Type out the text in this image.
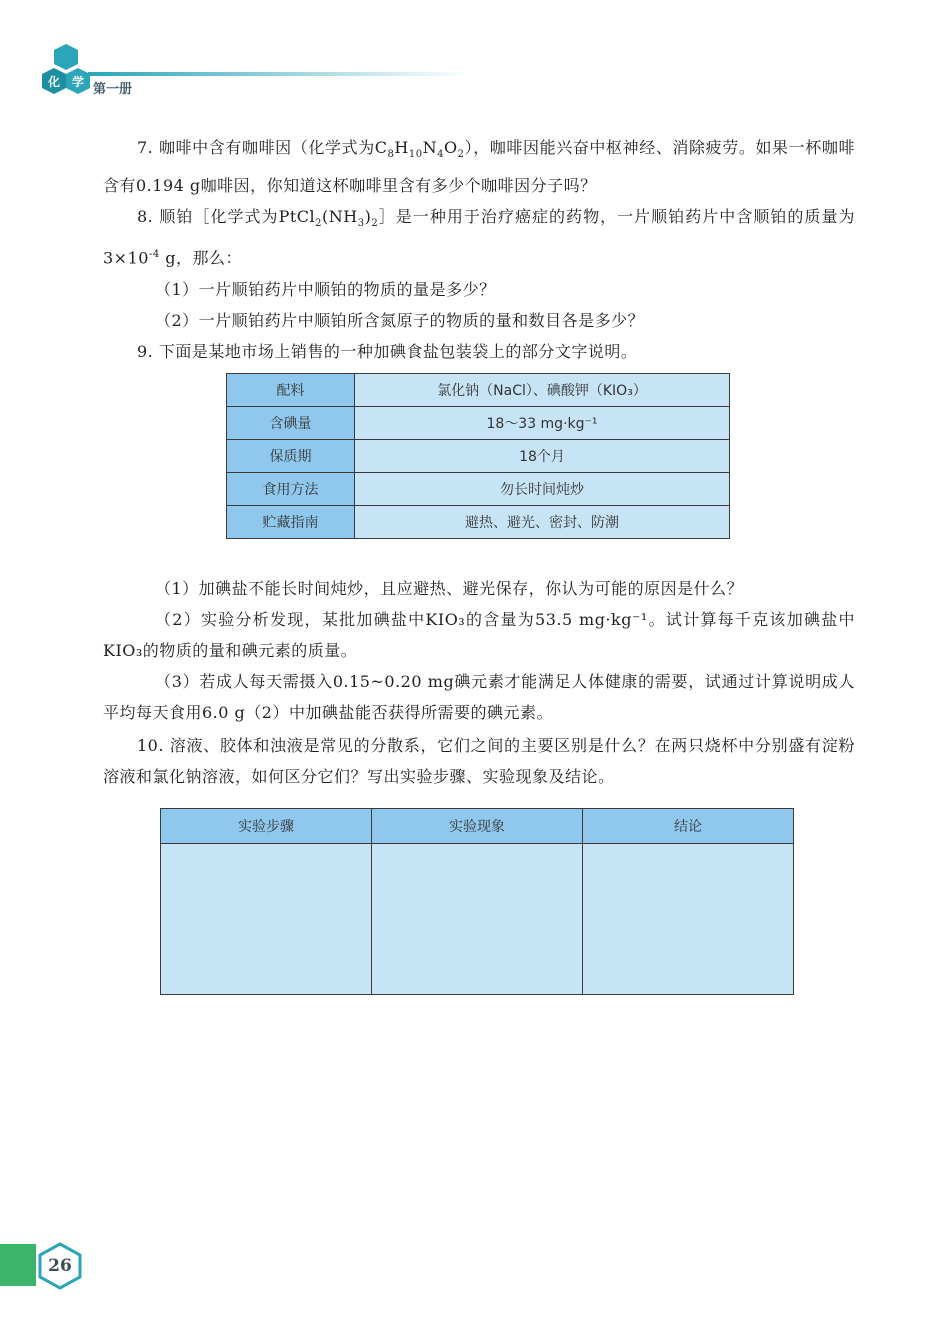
化 学 第一册

7. 咖啡中含有咖啡因（化学式为$C_8H_{10}N_4O_2$），咖啡因能兴奋中枢神经、消除疲劳。如果一杯咖啡含有0.194 g咖啡因，你知道这杯咖啡里含有多少个咖啡因分子吗？

8. 顺铂［化学式为$PtCl_2(NH_3)_2]$是一种用于治疗癌症的药物，一片顺铂药片中含顺铂的质量为$3\times 10^{-4}$ g，那么：

（1）一片顺铂药片中顺铂的物质的量是多少？

（2）一片顺铂药片中顺铂所含氮原子的物质的量和数目各是多少？

9. 下面是某地市场上销售的一种加碘食盐包装袋上的部分文字说明。

配料	氯化钠（NaCl）、碘酸钾（KIO₃）
含碘量	18～33 mg·kg⁻¹
保质期	18个月
食用方法	勿长时间炖炒
贮藏指南	避热、避光、密封、防潮

（1）加碘盐不能长时间炖炒，且应避热、避光保存，你认为可能的原因是什么？

（2）实验分析发现，某批加碘盐中KIO₃的含量为53.5 mg·kg⁻¹。试计算每千克该加碘盐中KIO₃的物质的量和碘元素的质量。

（3）若成人每天需摄入0.15~0.20 mg碘元素才能满足人体健康的需要，试通过计算说明成人平均每天食用6.0 g（2）中加碘盐能否获得所需要的碘元素。

10. 溶液、胶体和浊液是常见的分散系，它们之间的主要区别是什么？在两只烧杯中分别盛有淀粉溶液和氯化钠溶液，如何区分它们？写出实验步骤、实验现象及结论。

实验步骤	实验现象	结论

26
